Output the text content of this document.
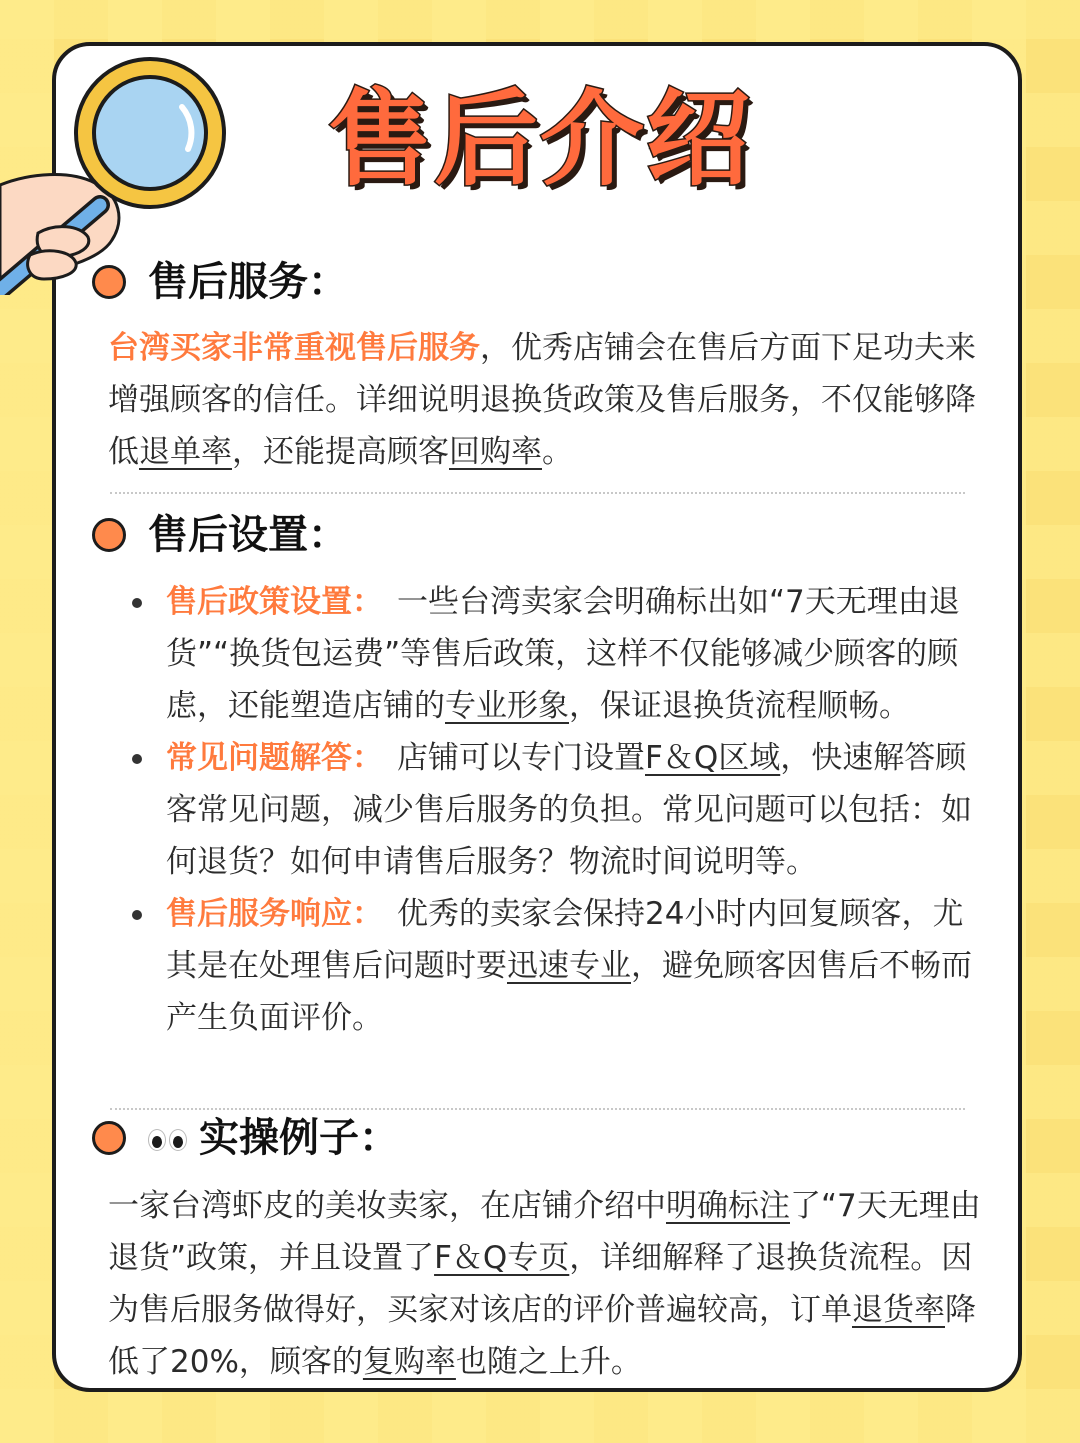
售后介绍
售后服务：
台湾买家非常重视售后服务，优秀店铺会在售后方面下足功夫来增强顾客的信任。详细说明退换货政策及售后服务，不仅能够降低退单率，还能提高顾客回购率。
售后设置：
售后政策设置： 一些台湾卖家会明确标出如“7天无理由退货”“换货包运费”等售后政策，这样不仅能够减少顾客的顾虑，还能塑造店铺的专业形象，保证退换货流程顺畅。
常见问题解答： 店铺可以专门设置F＆Q区域，快速解答顾客常见问题，减少售后服务的负担。常见问题可以包括：如何退货？如何申请售后服务？物流时间说明等。
售后服务响应： 优秀的卖家会保持24小时内回复顾客，尤其是在处理售后问题时要迅速专业，避免顾客因售后不畅而产生负面评价。
实操例子：
一家台湾虾皮的美妆卖家，在店铺介绍中明确标注了“7天无理由退货”政策，并且设置了F＆Q专页，详细解释了退换货流程。因为售后服务做得好，买家对该店的评价普遍较高，订单退货率降低了20%，顾客的复购率也随之上升。
